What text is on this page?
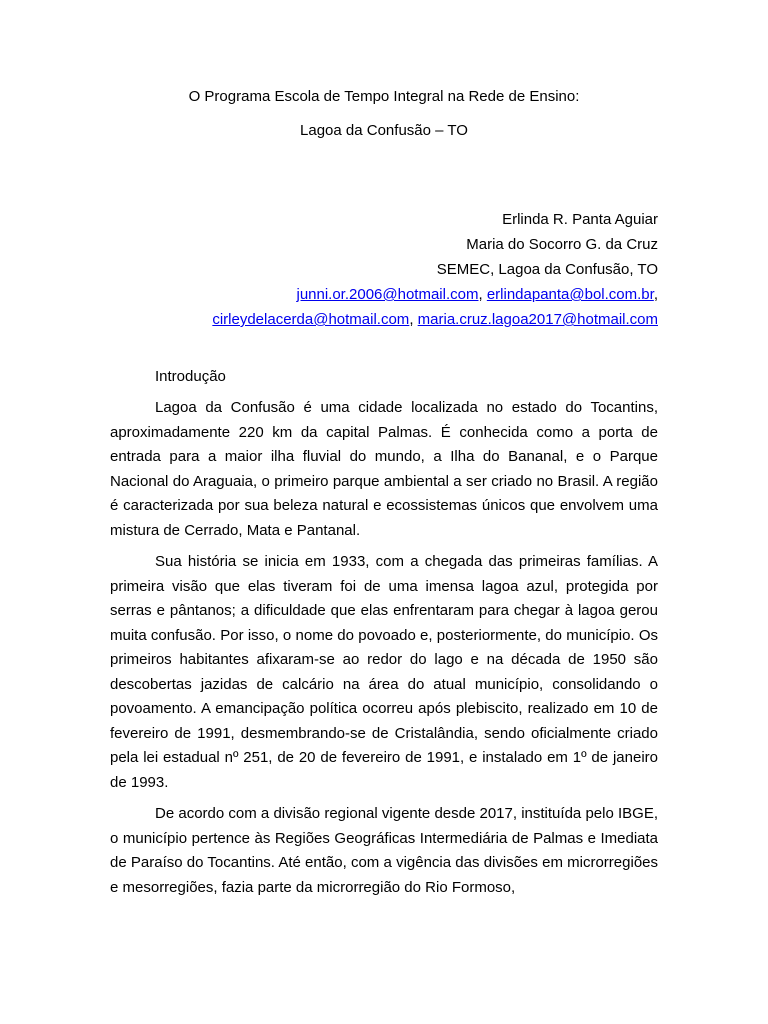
O Programa Escola de Tempo Integral na Rede de Ensino:
Lagoa da Confusão – TO
Erlinda R. Panta Aguiar
Maria do Socorro G. da Cruz
SEMEC, Lagoa da Confusão, TO
junni.or.2006@hotmail.com, erlindapanta@bol.com.br,
cirleydelacerda@hotmail.com, maria.cruz.lagoa2017@hotmail.com

Introdução

Lagoa da Confusão é uma cidade localizada no estado do Tocantins, aproximadamente 220 km da capital Palmas. É conhecida como a porta de entrada para a maior ilha fluvial do mundo, a Ilha do Bananal, e o Parque Nacional do Araguaia, o primeiro parque ambiental a ser criado no Brasil. A região é caracterizada por sua beleza natural e ecossistemas únicos que envolvem uma mistura de Cerrado, Mata e Pantanal.

Sua história se inicia em 1933, com a chegada das primeiras famílias. A primeira visão que elas tiveram foi de uma imensa lagoa azul, protegida por serras e pântanos; a dificuldade que elas enfrentaram para chegar à lagoa gerou muita confusão. Por isso, o nome do povoado e, posteriormente, do município. Os primeiros habitantes afixaram-se ao redor do lago e na década de 1950 são descobertas jazidas de calcário na área do atual município, consolidando o povoamento. A emancipação política ocorreu após plebiscito, realizado em 10 de fevereiro de 1991, desmembrando-se de Cristalândia, sendo oficialmente criado pela lei estadual nº 251, de 20 de fevereiro de 1991, e instalado em 1º de janeiro de 1993.

De acordo com a divisão regional vigente desde 2017, instituída pelo IBGE, o município pertence às Regiões Geográficas Intermediária de Palmas e Imediata de Paraíso do Tocantins. Até então, com a vigência das divisões em microrregiões e mesorregiões, fazia parte da microrregião do Rio Formoso,
